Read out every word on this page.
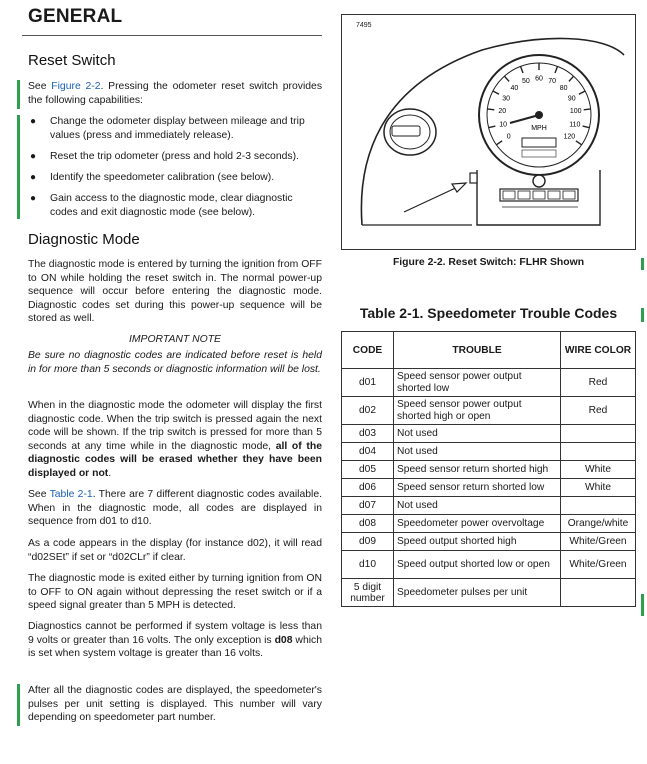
GENERAL
Reset Switch
See Figure 2-2. Pressing the odometer reset switch provides the following capabilities:
● Change the odometer display between mileage and trip values (press and immediately release).
● Reset the trip odometer (press and hold 2-3 seconds).
● Identify the speedometer calibration (see below).
● Gain access to the diagnostic mode, clear diagnostic codes and exit diagnostic mode (see below).
Diagnostic Mode
The diagnostic mode is entered by turning the ignition from OFF to ON while holding the reset switch in. The normal power-up sequence will occur before entering the diagnostic mode. Diagnostic codes set during this power-up sequence will be stored as well.
IMPORTANT NOTE
Be sure no diagnostic codes are indicated before reset is held in for more than 5 seconds or diagnostic information will be lost.
When in the diagnostic mode the odometer will display the first diagnostic code. When the trip switch is pressed again the next code will be shown. If the trip switch is pressed for more than 5 seconds at any time while in the diagnostic mode, all of the diagnostic codes will be erased whether they have been displayed or not.
See Table 2-1. There are 7 different diagnostic codes available. When in the diagnostic mode, all codes are displayed in sequence from d01 to d10.
As a code appears in the display (for instance d02), it will read “d02SEt” if set or “d02CLr” if clear.
The diagnostic mode is exited either by turning ignition from ON to OFF to ON again without depressing the reset switch or if a speed signal greater than 5 MPH is detected.
Diagnostics cannot be performed if system voltage is less than 9 volts or greater than 16 volts. The only exception is d08 which is set when system voltage is greater than 16 volts.
After all the diagnostic codes are displayed, the speedometer's pulses per unit setting is displayed. This number will vary depending on speedometer part number.
7495
0
10
20
30
40
50 60 70
80
90
100
110
120
MPH
Figure 2-2. Reset Switch: FLHR Shown
Table 2-1. Speedometer Trouble Codes
CODE	TROUBLE	WIRE COLOR
d01	Speed sensor power output shorted low	Red
d02	Speed sensor power output shorted high or open	Red
d03	Not used	
d04	Not used	
d05	Speed sensor return shorted high	White
d06	Speed sensor return shorted low	White
d07	Not used	
d08	Speedometer power overvoltage	Orange/white
d09	Speed output shorted high	White/Green
d10	Speed output shorted low or open	White/Green
5 digit number	Speedometer pulses per unit	
